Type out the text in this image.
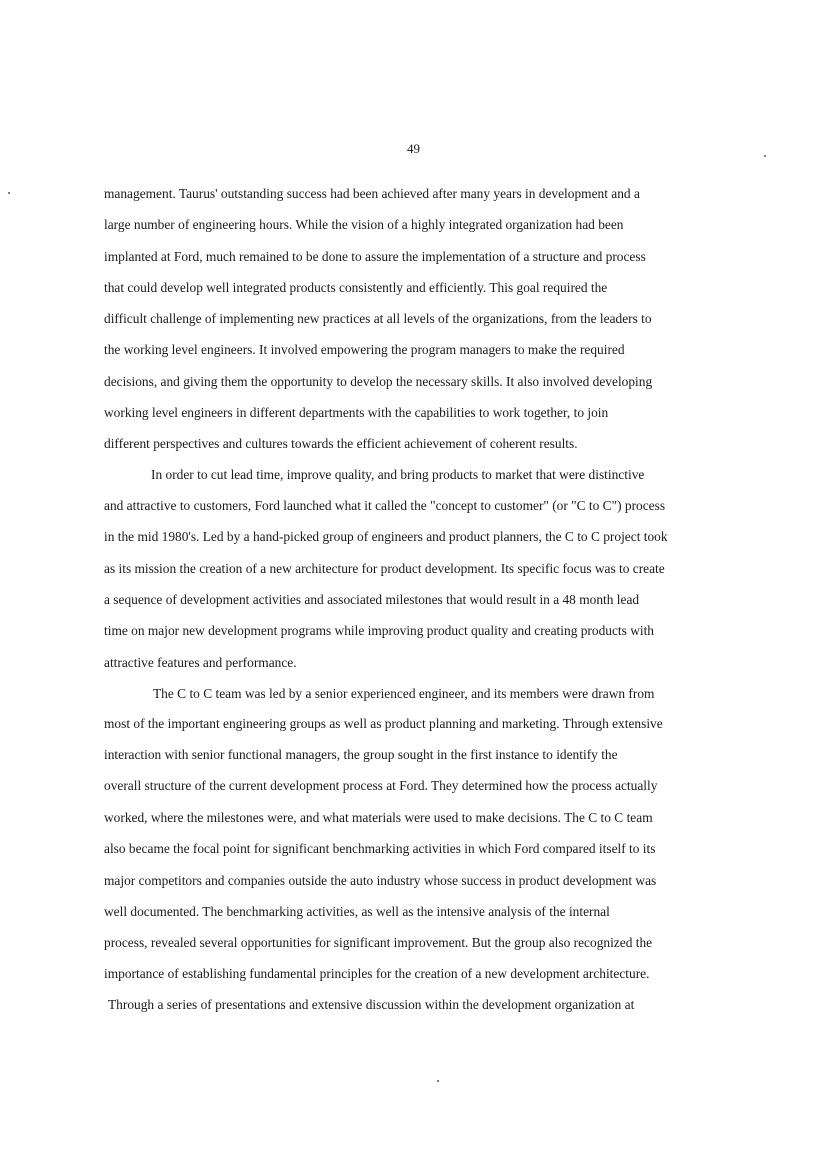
49
management. Taurus' outstanding success had been achieved after many years in development and a
large number of engineering hours. While the vision of a highly integrated organization had been
implanted at Ford, much remained to be done to assure the implementation of a structure and process
that could develop well integrated products consistently and efficiently. This goal required the
difficult challenge of implementing new practices at all levels of the organizations, from the leaders to
the working level engineers. It involved empowering the program managers to make the required
decisions, and giving them the opportunity to develop the necessary skills. It also involved developing
working level engineers in different departments with the capabilities to work together, to join
different perspectives and cultures towards the efficient achievement of coherent results.
In order to cut lead time, improve quality, and bring products to market that were distinctive
and attractive to customers, Ford launched what it called the "concept to customer" (or "C to C") process
in the mid 1980's. Led by a hand-picked group of engineers and product planners, the C to C project took
as its mission the creation of a new architecture for product development. Its specific focus was to create
a sequence of development activities and associated milestones that would result in a 48 month lead
time on major new development programs while improving product quality and creating products with
attractive features and performance.
The C to C team was led by a senior experienced engineer, and its members were drawn from
most of the important engineering groups as well as product planning and marketing. Through extensive
interaction with senior functional managers, the group sought in the first instance to identify the
overall structure of the current development process at Ford. They determined how the process actually
worked, where the milestones were, and what materials were used to make decisions. The C to C team
also became the focal point for significant benchmarking activities in which Ford compared itself to its
major competitors and companies outside the auto industry whose success in product development was
well documented. The benchmarking activities, as well as the intensive analysis of the internal
process, revealed several opportunities for significant improvement. But the group also recognized the
importance of establishing fundamental principles for the creation of a new development architecture.
Through a series of presentations and extensive discussion within the development organization at
